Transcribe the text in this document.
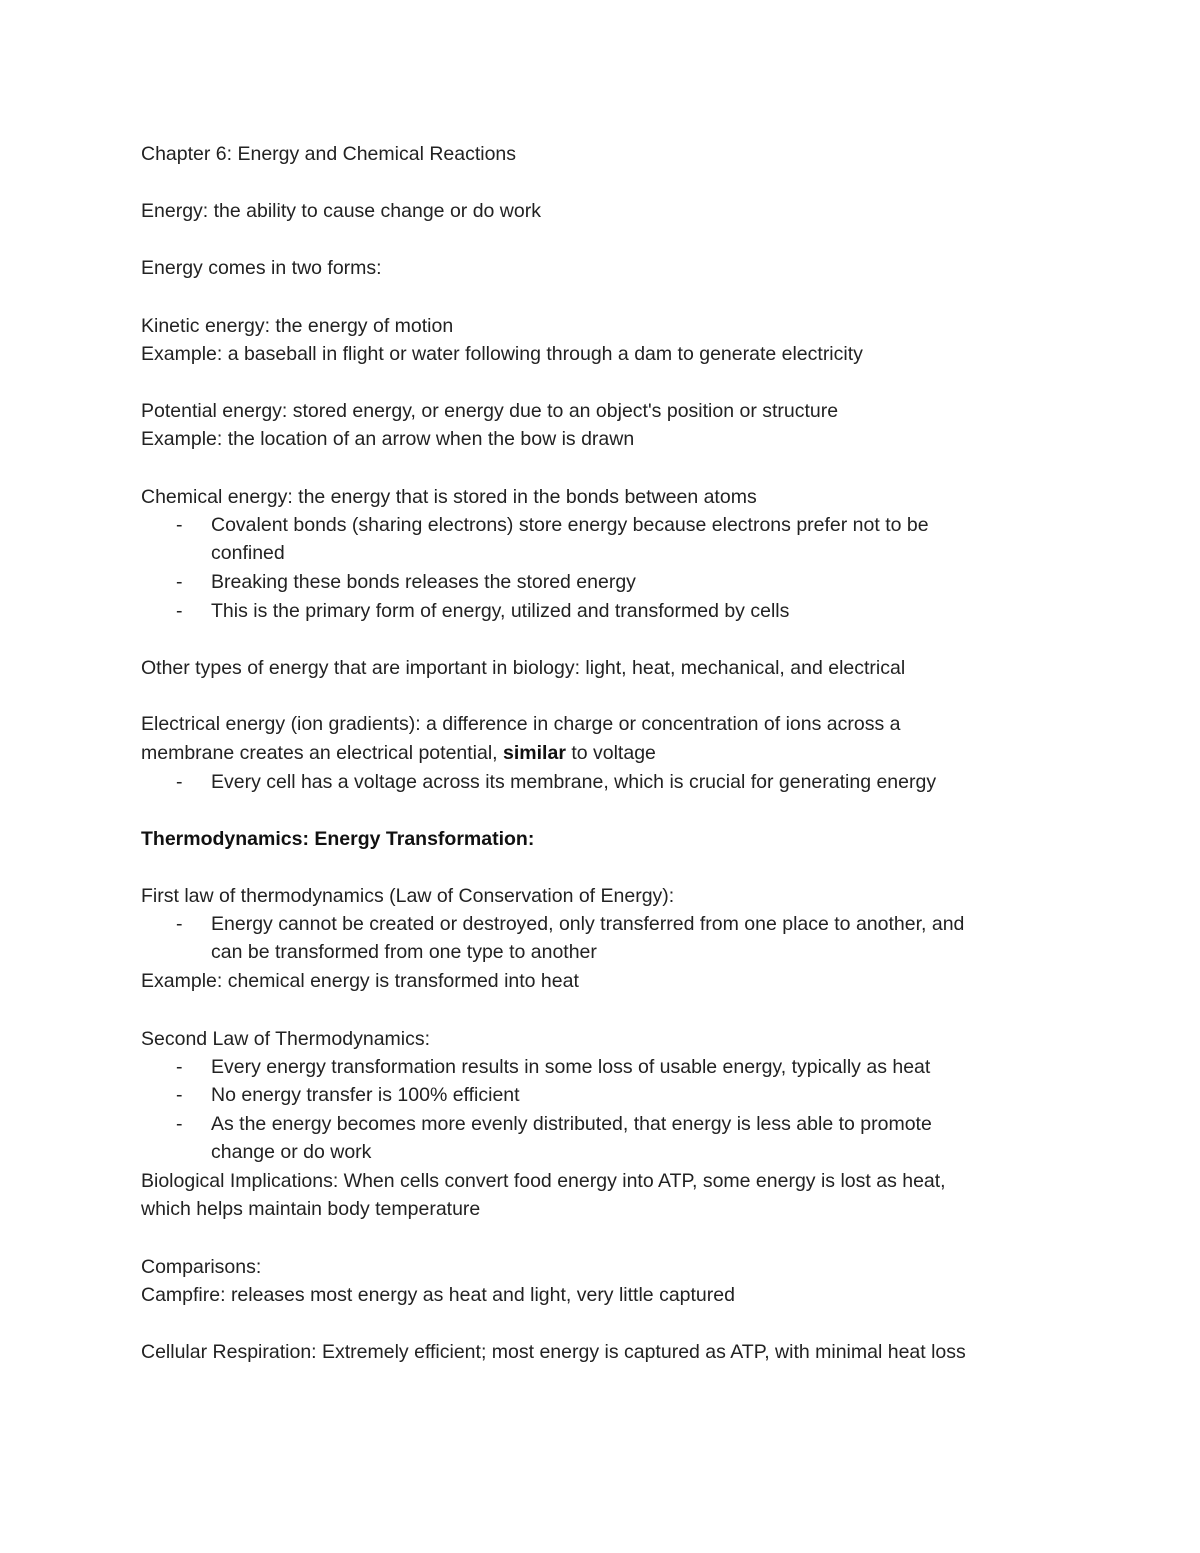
Chapter 6: Energy and Chemical Reactions
Energy: the ability to cause change or do work
Energy comes in two forms:
Kinetic energy: the energy of motion
Example: a baseball in flight or water following through a dam to generate electricity
Potential energy: stored energy, or energy due to an object's position or structure
Example: the location of an arrow when the bow is drawn
Chemical energy: the energy that is stored in the bonds between atoms
- Covalent bonds (sharing electrons) store energy because electrons prefer not to be
confined
- Breaking these bonds releases the stored energy
- This is the primary form of energy, utilized and transformed by cells
Other types of energy that are important in biology: light, heat, mechanical, and electrical
Electrical energy (ion gradients): a difference in charge or concentration of ions across a
membrane creates an electrical potential, similar to voltage
- Every cell has a voltage across its membrane, which is crucial for generating energy
Thermodynamics: Energy Transformation:
First law of thermodynamics (Law of Conservation of Energy):
- Energy cannot be created or destroyed, only transferred from one place to another, and
can be transformed from one type to another
Example: chemical energy is transformed into heat
Second Law of Thermodynamics:
- Every energy transformation results in some loss of usable energy, typically as heat
- No energy transfer is 100% efficient
- As the energy becomes more evenly distributed, that energy is less able to promote
change or do work
Biological Implications: When cells convert food energy into ATP, some energy is lost as heat,
which helps maintain body temperature
Comparisons:
Campfire: releases most energy as heat and light, very little captured
Cellular Respiration: Extremely efficient; most energy is captured as ATP, with minimal heat loss
